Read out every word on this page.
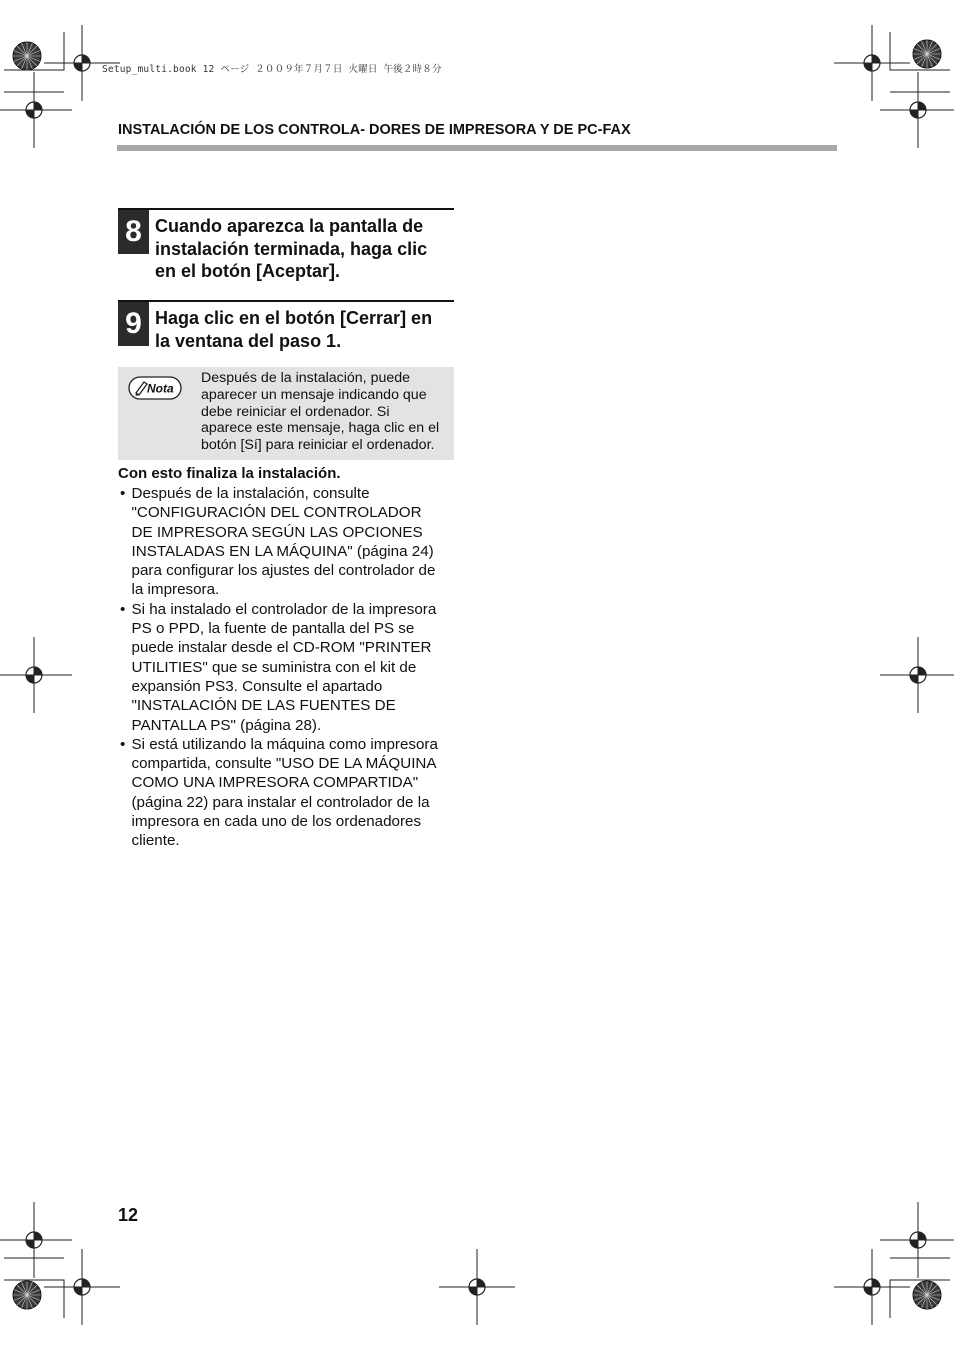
Setup_multi.book 12 ページ ２００９年７月７日 火曜日 午後２時８分
INSTALACIÓN DE LOS CONTROLA- DORES DE IMPRESORA Y DE PC-FAX
8 Cuando aparezca la pantalla de
instalación terminada, haga clic
en el botón [Aceptar].
9 Haga clic en el botón [Cerrar] en
la ventana del paso 1.
Nota
Después de la instalación, puede
aparecer un mensaje indicando que
debe reiniciar el ordenador. Si
aparece este mensaje, haga clic en el
botón [Sí] para reiniciar el ordenador.
Con esto finaliza la instalación.
• Después de la instalación, consulte
"CONFIGURACIÓN DEL CONTROLADOR
DE IMPRESORA SEGÚN LAS OPCIONES
INSTALADAS EN LA MÁQUINA" (página 24)
para configurar los ajustes del controlador de
la impresora.
• Si ha instalado el controlador de la impresora
PS o PPD, la fuente de pantalla del PS se
puede instalar desde el CD-ROM "PRINTER
UTILITIES" que se suministra con el kit de
expansión PS3. Consulte el apartado
"INSTALACIÓN DE LAS FUENTES DE
PANTALLA PS" (página 28).
• Si está utilizando la máquina como impresora
compartida, consulte "USO DE LA MÁQUINA
COMO UNA IMPRESORA COMPARTIDA"
(página 22) para instalar el controlador de la
impresora en cada uno de los ordenadores
cliente.
12
